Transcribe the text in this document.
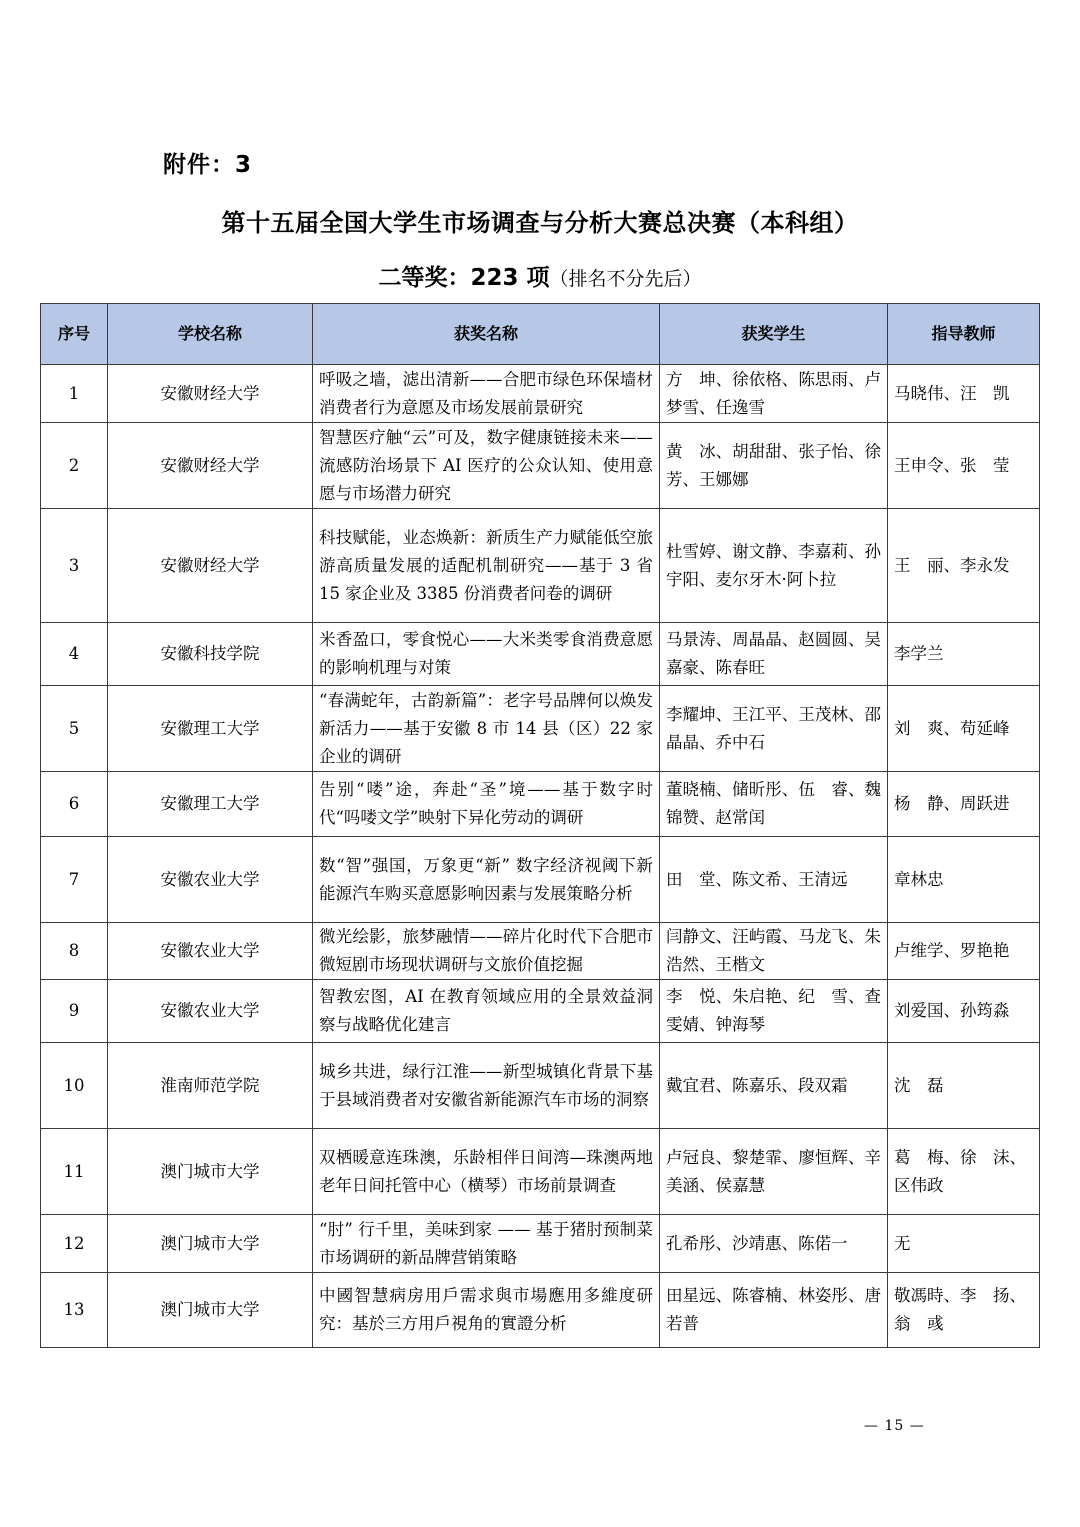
附件：3
第十五届全国大学生市场调查与分析大赛总决赛（本科组）
二等奖：223 项（排名不分先后）
序号	学校名称	获奖名称	获奖学生	指导教师
1	安徽财经大学	呼吸之墙，滤出清新——合肥市绿色环保墙材消费者行为意愿及市场发展前景研究	方　坤、徐依格、陈思雨、卢梦雪、任逸雪	马晓伟、汪　凯
2	安徽财经大学	智慧医疗触“云”可及，数字健康链接未来——流感防治场景下 AI 医疗的公众认知、使用意愿与市场潜力研究	黄　冰、胡甜甜、张子怡、徐　芳、王娜娜	王申令、张　莹
3	安徽财经大学	科技赋能，业态焕新：新质生产力赋能低空旅游高质量发展的适配机制研究——基于 3 省 15 家企业及 3385 份消费者问卷的调研	杜雪婷、谢文静、李嘉莉、孙宇阳、麦尔牙木·阿卜拉	王　丽、李永发
4	安徽科技学院	米香盈口，零食悦心——大米类零食消费意愿的影响机理与对策	马景涛、周晶晶、赵圆圆、吴嘉豪、陈春旺	李学兰
5	安徽理工大学	“春满蛇年，古韵新篇”：老字号品牌何以焕发新活力——基于安徽 8 市 14 县（区）22 家企业的调研	李耀坤、王江平、王茂林、邵晶晶、乔中石	刘　爽、苟延峰
6	安徽理工大学	告别“喽”途，奔赴“圣”境——基于数字时代“吗喽文学”映射下异化劳动的调研	董晓楠、储昕彤、伍　睿、魏锦赞、赵常闰	杨　静、周跃进
7	安徽农业大学	数“智”强国，万象更“新” 数字经济视阈下新能源汽车购买意愿影响因素与发展策略分析	田　堂、陈文希、王清远	章林忠
8	安徽农业大学	微光绘影，旅梦融情——碎片化时代下合肥市微短剧市场现状调研与文旅价值挖掘	闫静文、汪屿霞、马龙飞、朱浩然、王楷文	卢维学、罗艳艳
9	安徽农业大学	智教宏图，AI 在教育领域应用的全景效益洞察与战略优化建言	李　悦、朱启艳、纪　雪、查雯婧、钟海琴	刘爱国、孙筠淼
10	淮南师范学院	城乡共进，绿行江淮——新型城镇化背景下基于县域消费者对安徽省新能源汽车市场的洞察	戴宜君、陈嘉乐、段双霜	沈　磊
11	澳门城市大学	双栖暖意连珠澳，乐龄相伴日间湾—珠澳两地老年日间托管中心（横琴）市场前景调查	卢冠良、黎楚霏、廖恒辉、辛美涵、侯嘉慧	葛　梅、徐　沫、区伟政
12	澳门城市大学	“肘” 行千里，美味到家 —— 基于猪肘预制菜市场调研的新品牌营销策略	孔希彤、沙靖惠、陈偌一	无
13	澳门城市大学	中國智慧病房用戶需求與市場應用多維度研究：基於三方用戶視角的實證分析	田星远、陈睿楠、林姿彤、唐若普	敬馮時、李　扬、翁　彧
— 15 —
